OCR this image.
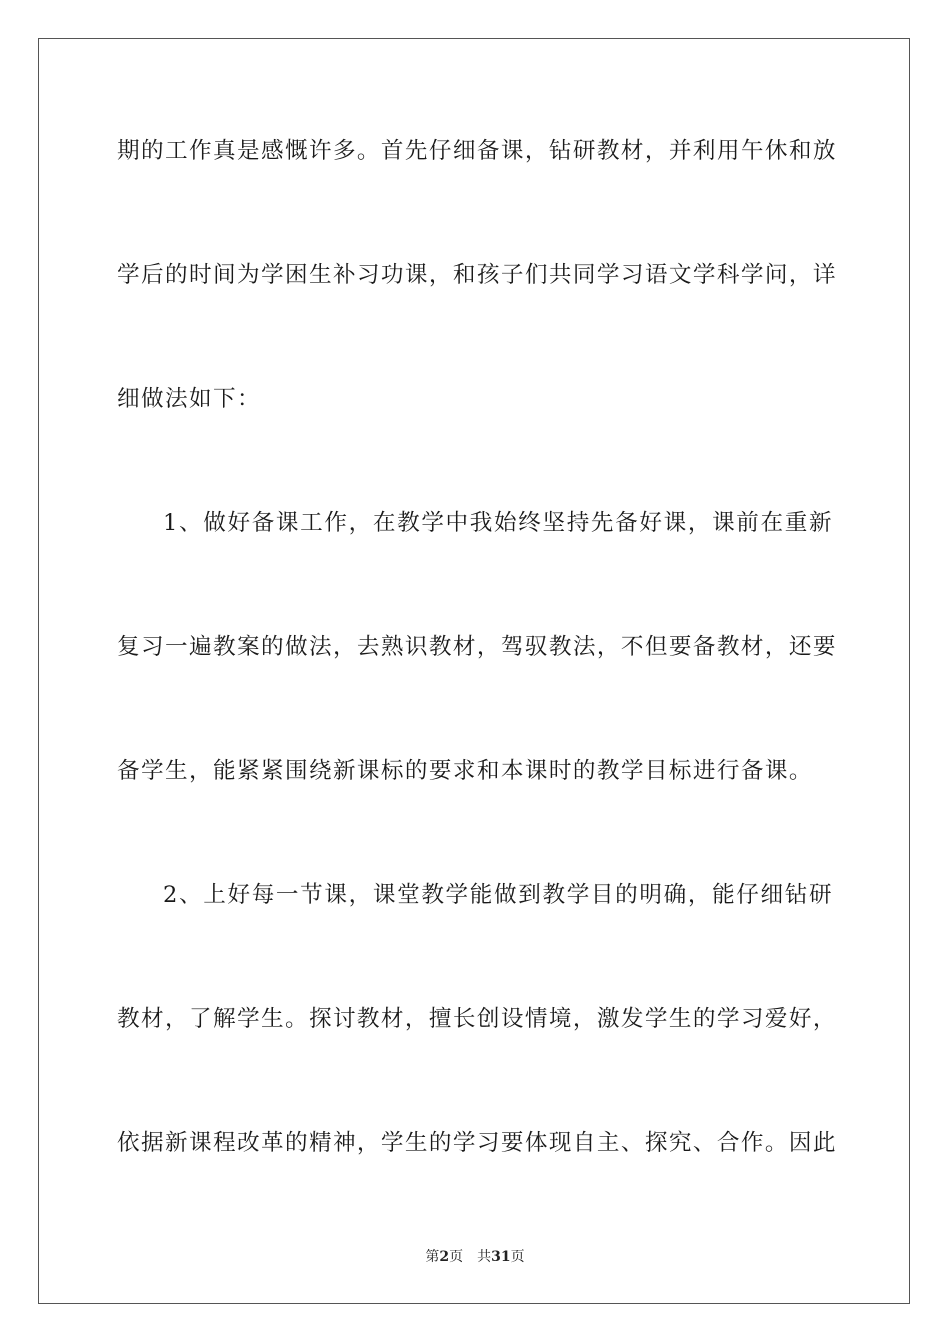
期的工作真是感慨许多。首先仔细备课，钻研教材，并利用午休和放
学后的时间为学困生补习功课，和孩子们共同学习语文学科学问，详
细做法如下：
1、做好备课工作，在教学中我始终坚持先备好课，课前在重新
复习一遍教案的做法，去熟识教材，驾驭教法，不但要备教材，还要
备学生，能紧紧围绕新课标的要求和本课时的教学目标进行备课。
2、上好每一节课，课堂教学能做到教学目的明确，能仔细钻研
教材，了解学生。探讨教材，擅长创设情境，激发学生的学习爱好，
依据新课程改革的精神，学生的学习要体现自主、探究、合作。因此
第2页 共31页
